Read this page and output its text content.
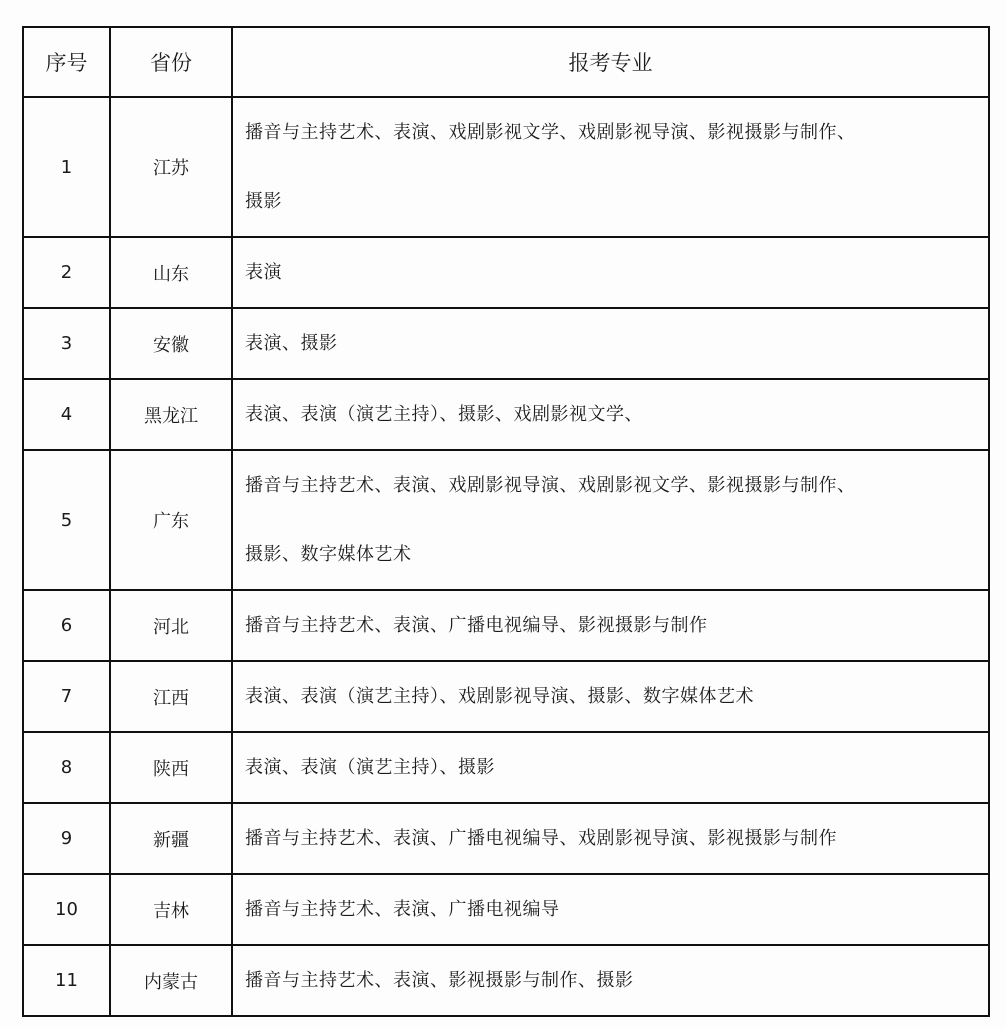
序号	省份	报考专业
1	江苏	播音与主持艺术、表演、戏剧影视文学、戏剧影视导演、影视摄影与制作、
摄影

2	山东	表演
3	安徽	表演、摄影
4	黑龙江	表演、表演（演艺主持）、摄影、戏剧影视文学、
5	广东	播音与主持艺术、表演、戏剧影视导演、戏剧影视文学、影视摄影与制作、
摄影、数字媒体艺术

6	河北	播音与主持艺术、表演、广播电视编导、影视摄影与制作
7	江西	表演、表演（演艺主持）、戏剧影视导演、摄影、数字媒体艺术
8	陕西	表演、表演（演艺主持）、摄影
9	新疆	播音与主持艺术、表演、广播电视编导、戏剧影视导演、影视摄影与制作
10	吉林	播音与主持艺术、表演、广播电视编导
11	内蒙古	播音与主持艺术、表演、影视摄影与制作、摄影
